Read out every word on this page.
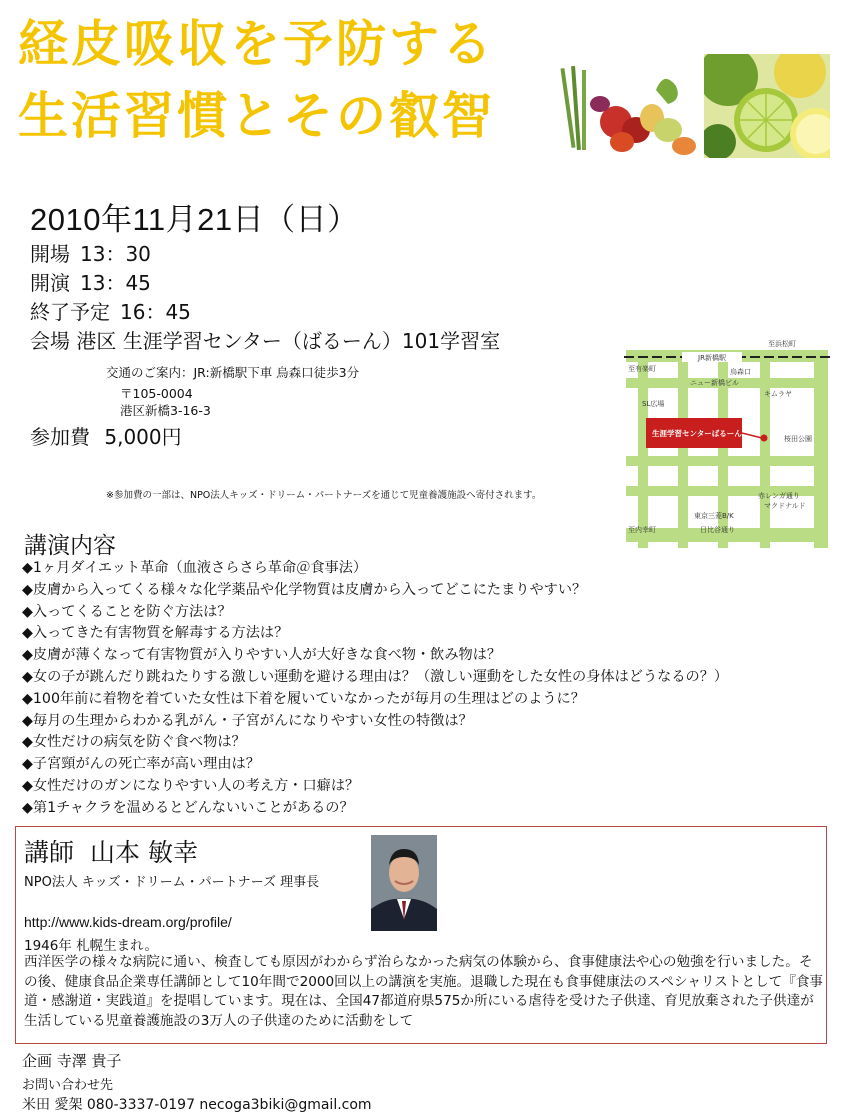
経皮吸収を予防する
生活習慣とその叡智
2010年11月21日（日）
開場 13：30
開演 13：45
終了予定 16：45
会場 港区 生涯学習センター（ばるーん）101学習室
交通のご案内：JR:新橋駅下車 烏森口徒歩3分
〒105-0004
港区新橋3-16-3
参加費 5,000円
※参加費の一部は、NPO法人キッズ・ドリーム・パートナーズを通じて児童養護施設へ寄付されます。
JR新橋駅
至浜松町
至有楽町	烏森口
ニュー新橋ビル
SL広場
キムラヤ
生涯学習センターばるーん
桜田公園
赤レンガ通り
マクドナルド
東京三菱B/K
至内幸町	日比谷通り
講演内容
◆1ヶ月ダイエット革命（血液さらさら革命＠食事法）
◆皮膚から入ってくる様々な化学薬品や化学物質は皮膚から入ってどこにたまりやすい？
◆入ってくることを防ぐ方法は？
◆入ってきた有害物質を解毒する方法は？
◆皮膚が薄くなって有害物質が入りやすい人が大好きな食べ物・飲み物は？
◆女の子が跳んだり跳ねたりする激しい運動を避ける理由は？（激しい運動をした女性の身体はどうなるの？）
◆100年前に着物を着ていた女性は下着を履いていなかったが毎月の生理はどのように？
◆毎月の生理からわかる乳がん・子宮がんになりやすい女性の特徴は？
◆女性だけの病気を防ぐ食べ物は？
◆子宮頸がんの死亡率が高い理由は？
◆女性だけのガンになりやすい人の考え方・口癖は？
◆第1チャクラを温めるとどんないいことがあるの？
講師 山本 敏幸
NPO法人 キッズ・ドリーム・パートナーズ 理事長
http://www.kids-dream.org/profile/
1946年 札幌生まれ。
西洋医学の様々な病院に通い、検査しても原因がわからず治らなかった病気の体験から、食事健康法や心の勉強を行いました。その後、健康食品企業専任講師として10年間で2000回以上の講演を実施。退職した現在も食事健康法のスペシャリストとして『食事道・感謝道・実践道』を提唱しています。現在は、全国47都道府県575か所にいる虐待を受けた子供達、育児放棄された子供達が生活している児童養護施設の3万人の子供達のために活動をして
企画 寺澤 貴子
お問い合わせ先
米田 愛架 080-3337-0197 necoga3biki@gmail.com
